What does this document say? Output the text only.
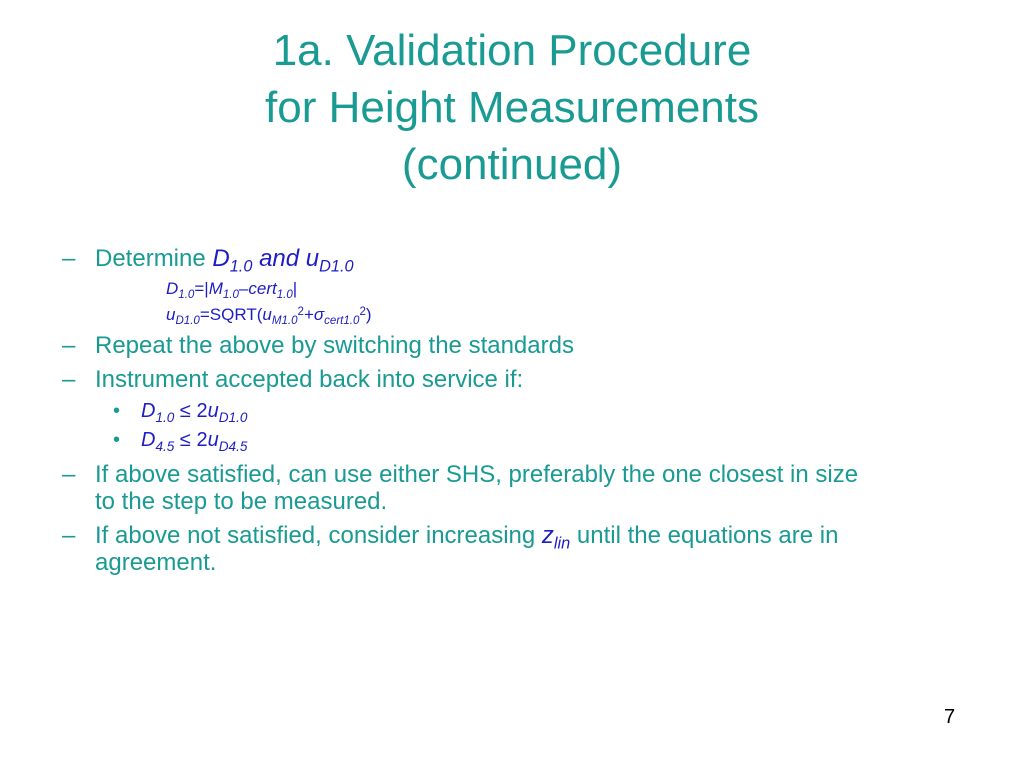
1a. Validation Procedure
for Height Measurements
(continued)
– Determine $D_{1.0}$ and $u_{D1.0}$
$D_{1.0}=|M_{1.0}-cert_{1.0}|$
$u_{D1.0}=SQRT(u_{M1.0}^2+\sigma_{cert1.0}^2)$
– Repeat the above by switching the standards
– Instrument accepted back into service if:
• $D_{1.0} \le 2u_{D1.0}$
• $D_{4.5} \le 2u_{D4.5}$
– If above satisfied, can use either SHS, preferably the one closest in size
to the step to be measured.
– If above not satisfied, consider increasing $z_{lin}$ until the equations are in
agreement.
7
